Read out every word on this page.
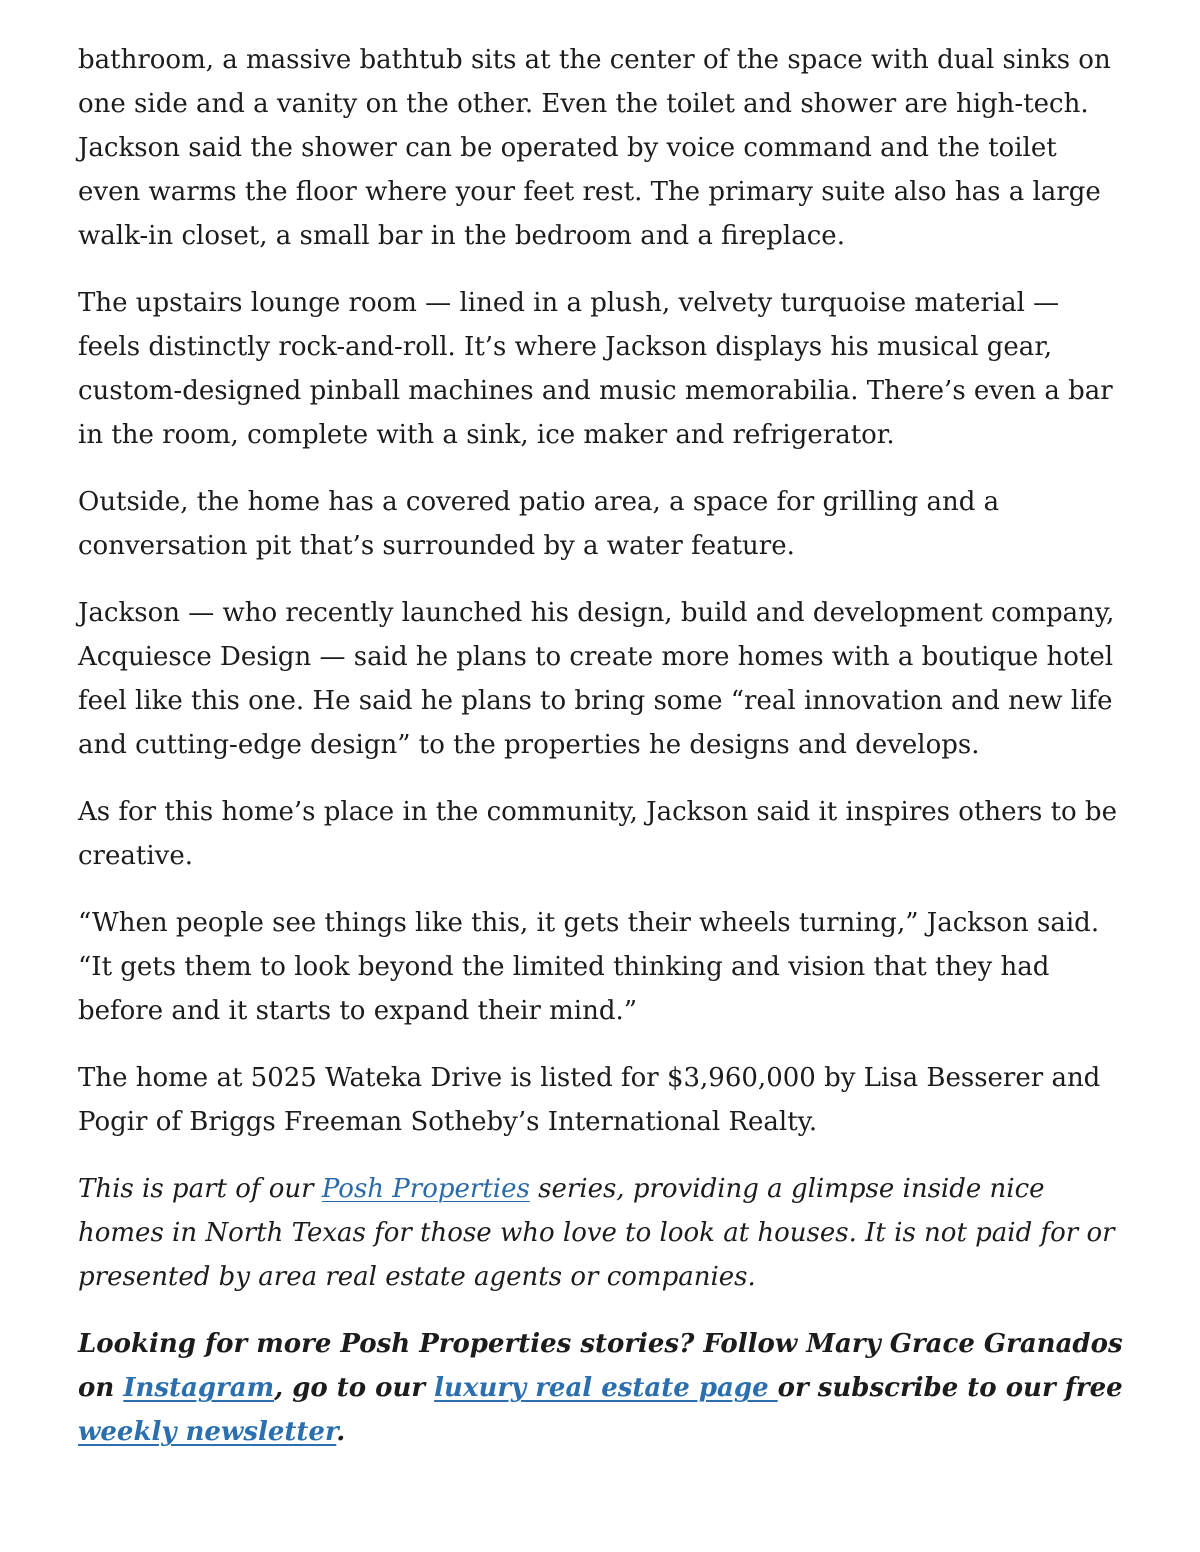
bathroom, a massive bathtub sits at the center of the space with dual sinks on one side and a vanity on the other. Even the toilet and shower are high-tech. Jackson said the shower can be operated by voice command and the toilet even warms the floor where your feet rest. The primary suite also has a large walk-in closet, a small bar in the bedroom and a fireplace.

The upstairs lounge room — lined in a plush, velvety turquoise material — feels distinctly rock-and-roll. It’s where Jackson displays his musical gear, custom-designed pinball machines and music memorabilia. There’s even a bar in the room, complete with a sink, ice maker and refrigerator.

Outside, the home has a covered patio area, a space for grilling and a conversation pit that’s surrounded by a water feature.

Jackson — who recently launched his design, build and development company, Acquiesce Design — said he plans to create more homes with a boutique hotel feel like this one. He said he plans to bring some “real innovation and new life and cutting-edge design” to the properties he designs and develops.

As for this home’s place in the community, Jackson said it inspires others to be creative.

“When people see things like this, it gets their wheels turning,” Jackson said. “It gets them to look beyond the limited thinking and vision that they had before and it starts to expand their mind.”

The home at 5025 Wateka Drive is listed for $3,960,000 by Lisa Besserer and Pogir of Briggs Freeman Sotheby’s International Realty.

This is part of our Posh Properties series, providing a glimpse inside nice homes in North Texas for those who love to look at houses. It is not paid for or presented by area real estate agents or companies.

Looking for more Posh Properties stories? Follow Mary Grace Granados on Instagram, go to our luxury real estate page or subscribe to our free weekly newsletter.
